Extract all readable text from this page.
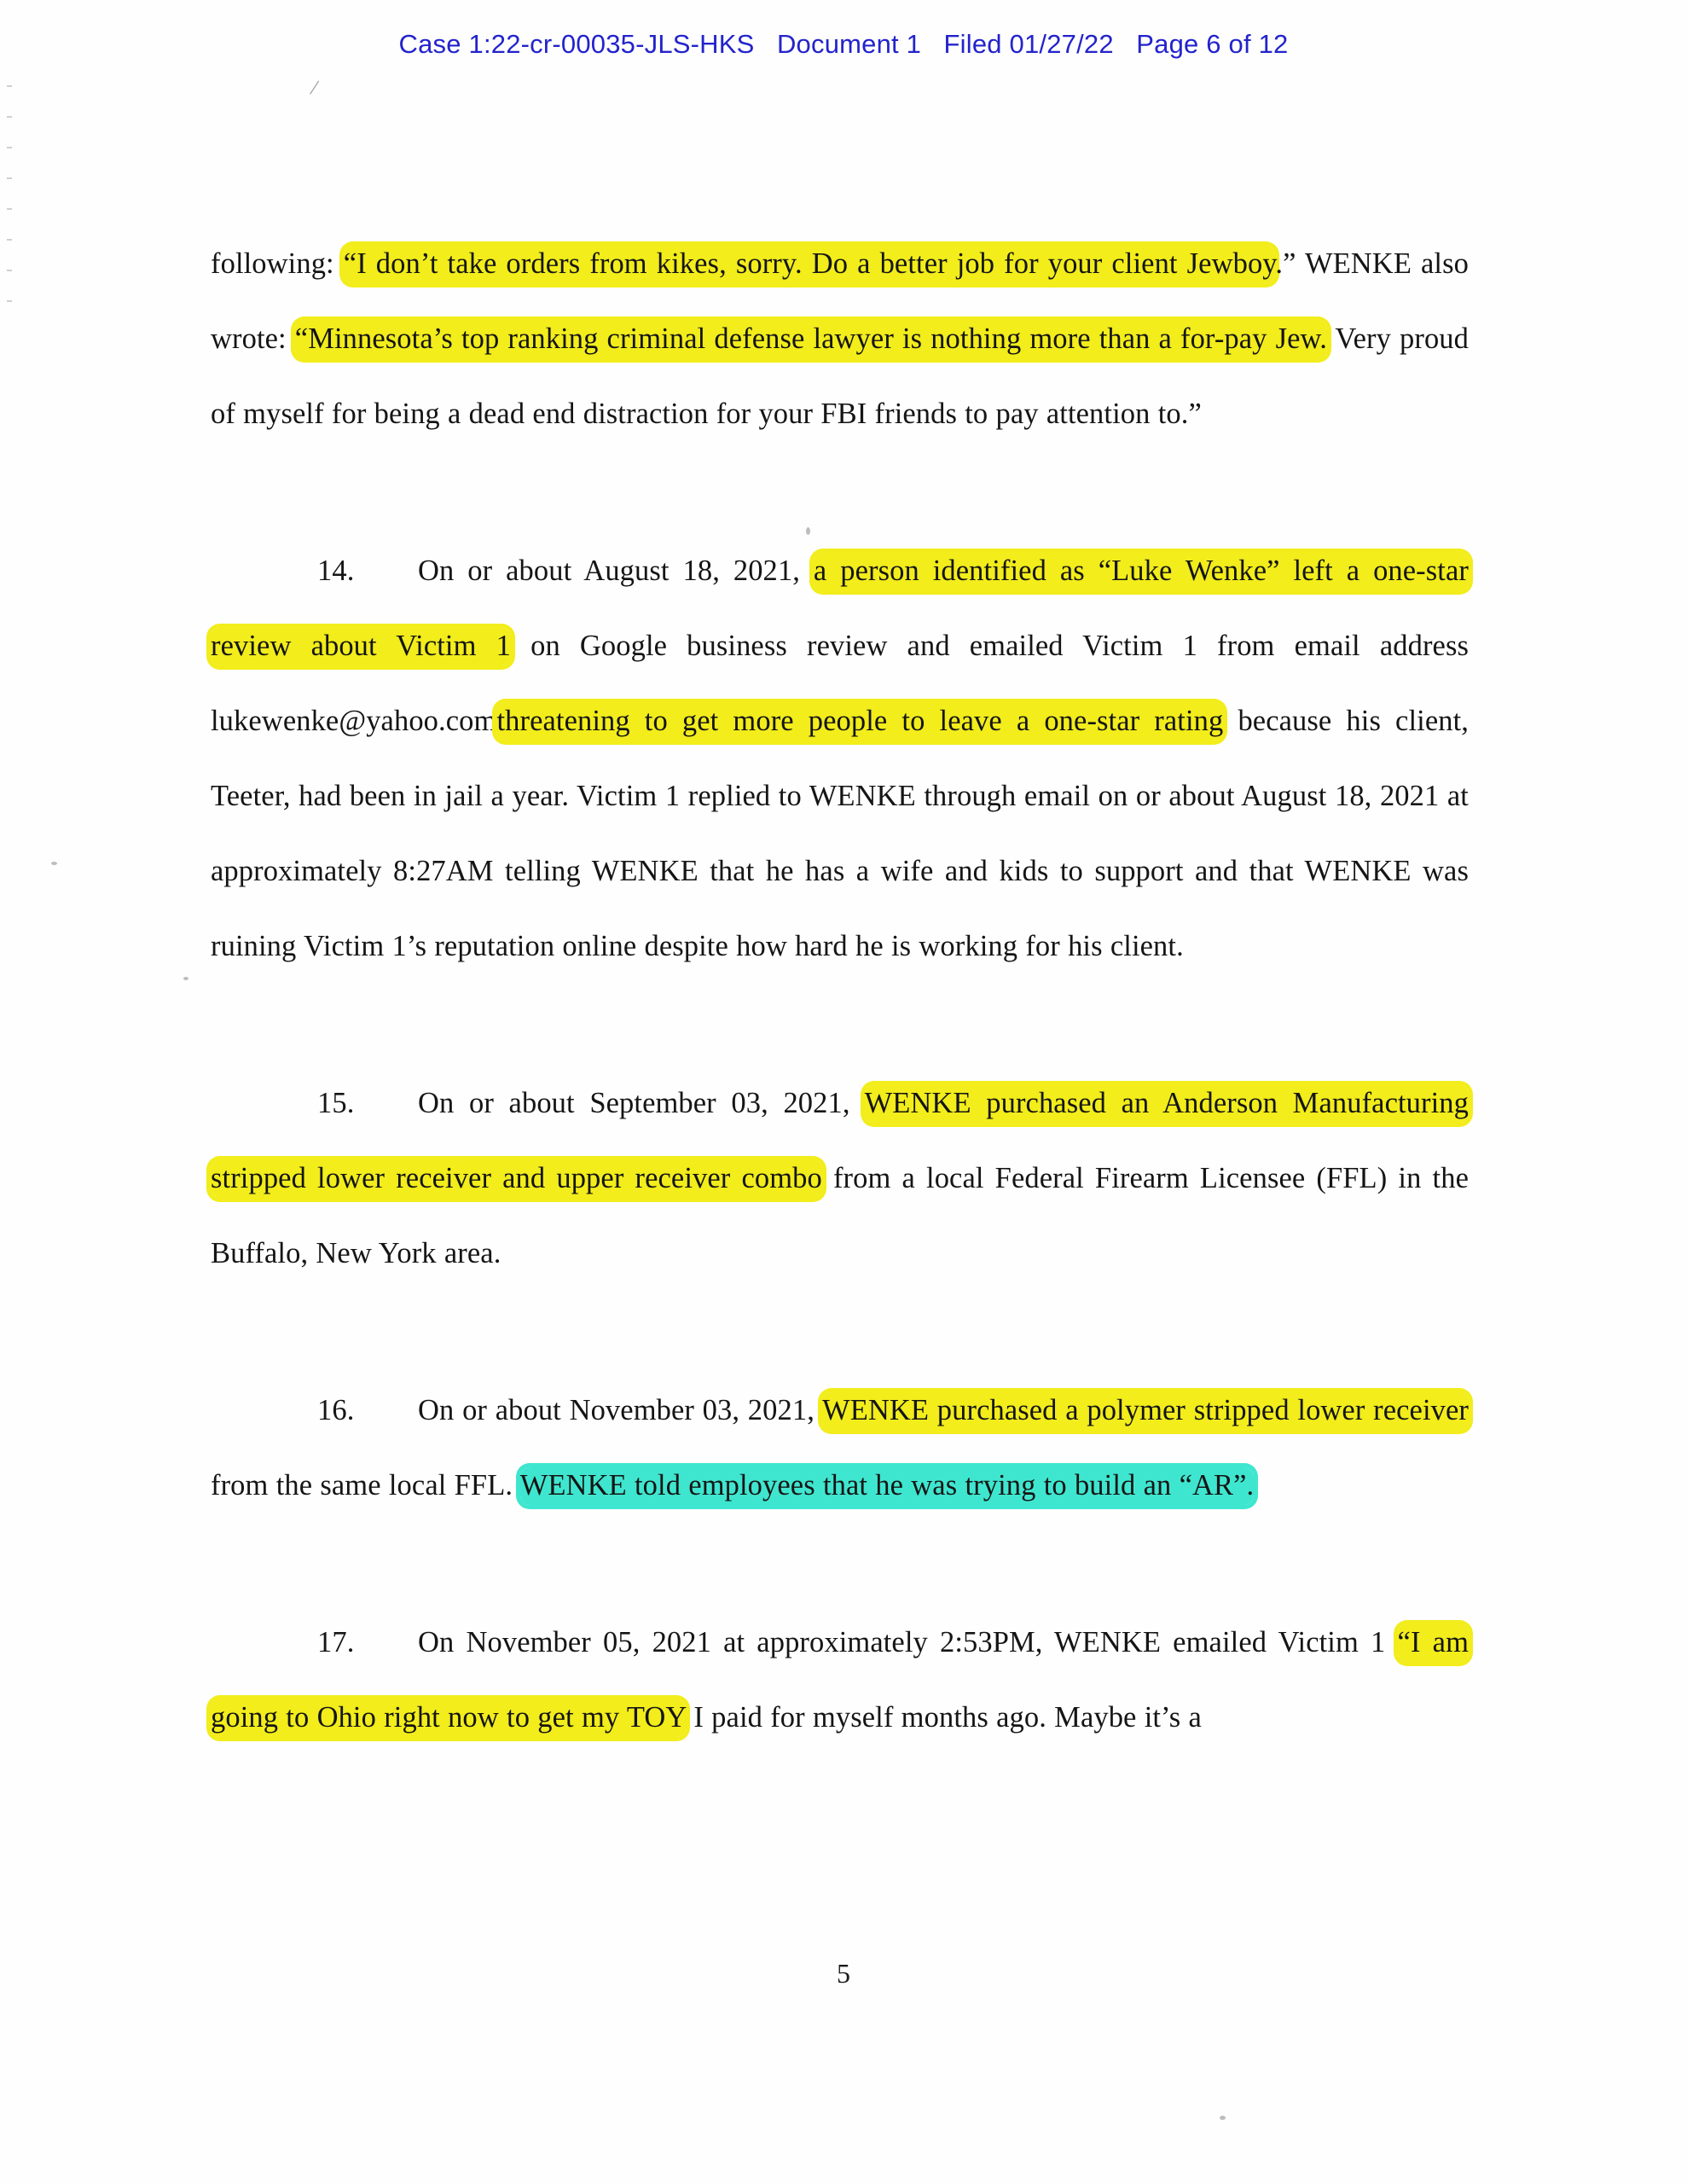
Case 1:22-cr-00035-JLS-HKS   Document 1   Filed 01/27/22   Page 6 of 12
/

following: “I don’t take orders from kikes, sorry. Do a better job for your client Jewboy.” WENKE also wrote: “Minnesota’s top ranking criminal defense lawyer is nothing more than a for-pay Jew. Very proud of myself for being a dead end distraction for your FBI friends to pay attention to.”

14. On or about August 18, 2021, a person identified as “Luke Wenke” left a one-star review about Victim 1 on Google business review and emailed Victim 1 from email address lukewenke@yahoo.comthreatening to get more people to leave a one-star rating because his client, Teeter, had been in jail a year. Victim 1 replied to WENKE through email on or about August 18, 2021 at approximately 8:27AM telling WENKE that he has a wife and kids to support and that WENKE was ruining Victim 1’s reputation online despite how hard he is working for his client.

15. On or about September 03, 2021, WENKE purchased an Anderson Manufacturing stripped lower receiver and upper receiver combo from a local Federal Firearm Licensee (FFL) in the Buffalo, New York area.

16. On or about November 03, 2021, WENKE purchased a polymer stripped lower receiver from the same local FFL. WENKE told employees that he was trying to build an “AR”.

17. On November 05, 2021 at approximately 2:53PM, WENKE emailed Victim 1 “I am going to Ohio right now to get my TOY I paid for myself months ago. Maybe it’s a

5
